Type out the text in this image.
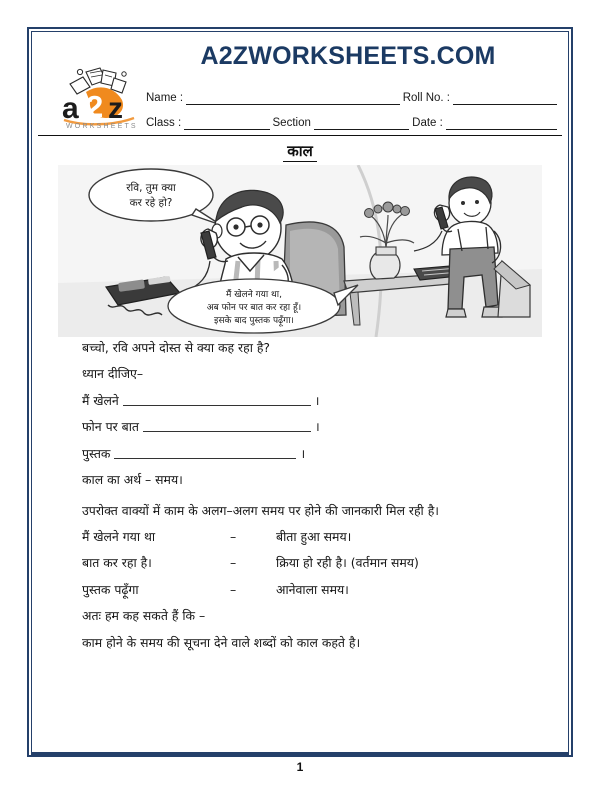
A2ZWORKSHEETS.COM
a 2 z
WORKSHEETS
Name :	Roll No. :
Class :	Section	Date :
काल
रवि, तुम क्या
कर रहे हो?
मैं खेलने गया था,
अब फोन पर बात कर रहा हूँ।
इसके बाद पुस्तक पढ़ूँगा।
बच्चो, रवि अपने दोस्त से क्या कह रहा है?
ध्यान दीजिए–
मैं खेलने	।
फोन पर बात	।
पुस्तक	।
काल का अर्थ – समय।
उपरोक्त वाक्यों में काम के अलग–अलग समय पर होने की जानकारी मिल रही है।
मैं खेलने गया था	–	बीता हुआ समय।
बात कर रहा है।	–	क्रिया हो रही है। (वर्तमान समय)
पुस्तक पढ़ूँगा	–	आनेवाला समय।
अतः हम कह सकते हैं कि –
काम होने के समय की सूचना देने वाले शब्दों को काल कहते है।
1
